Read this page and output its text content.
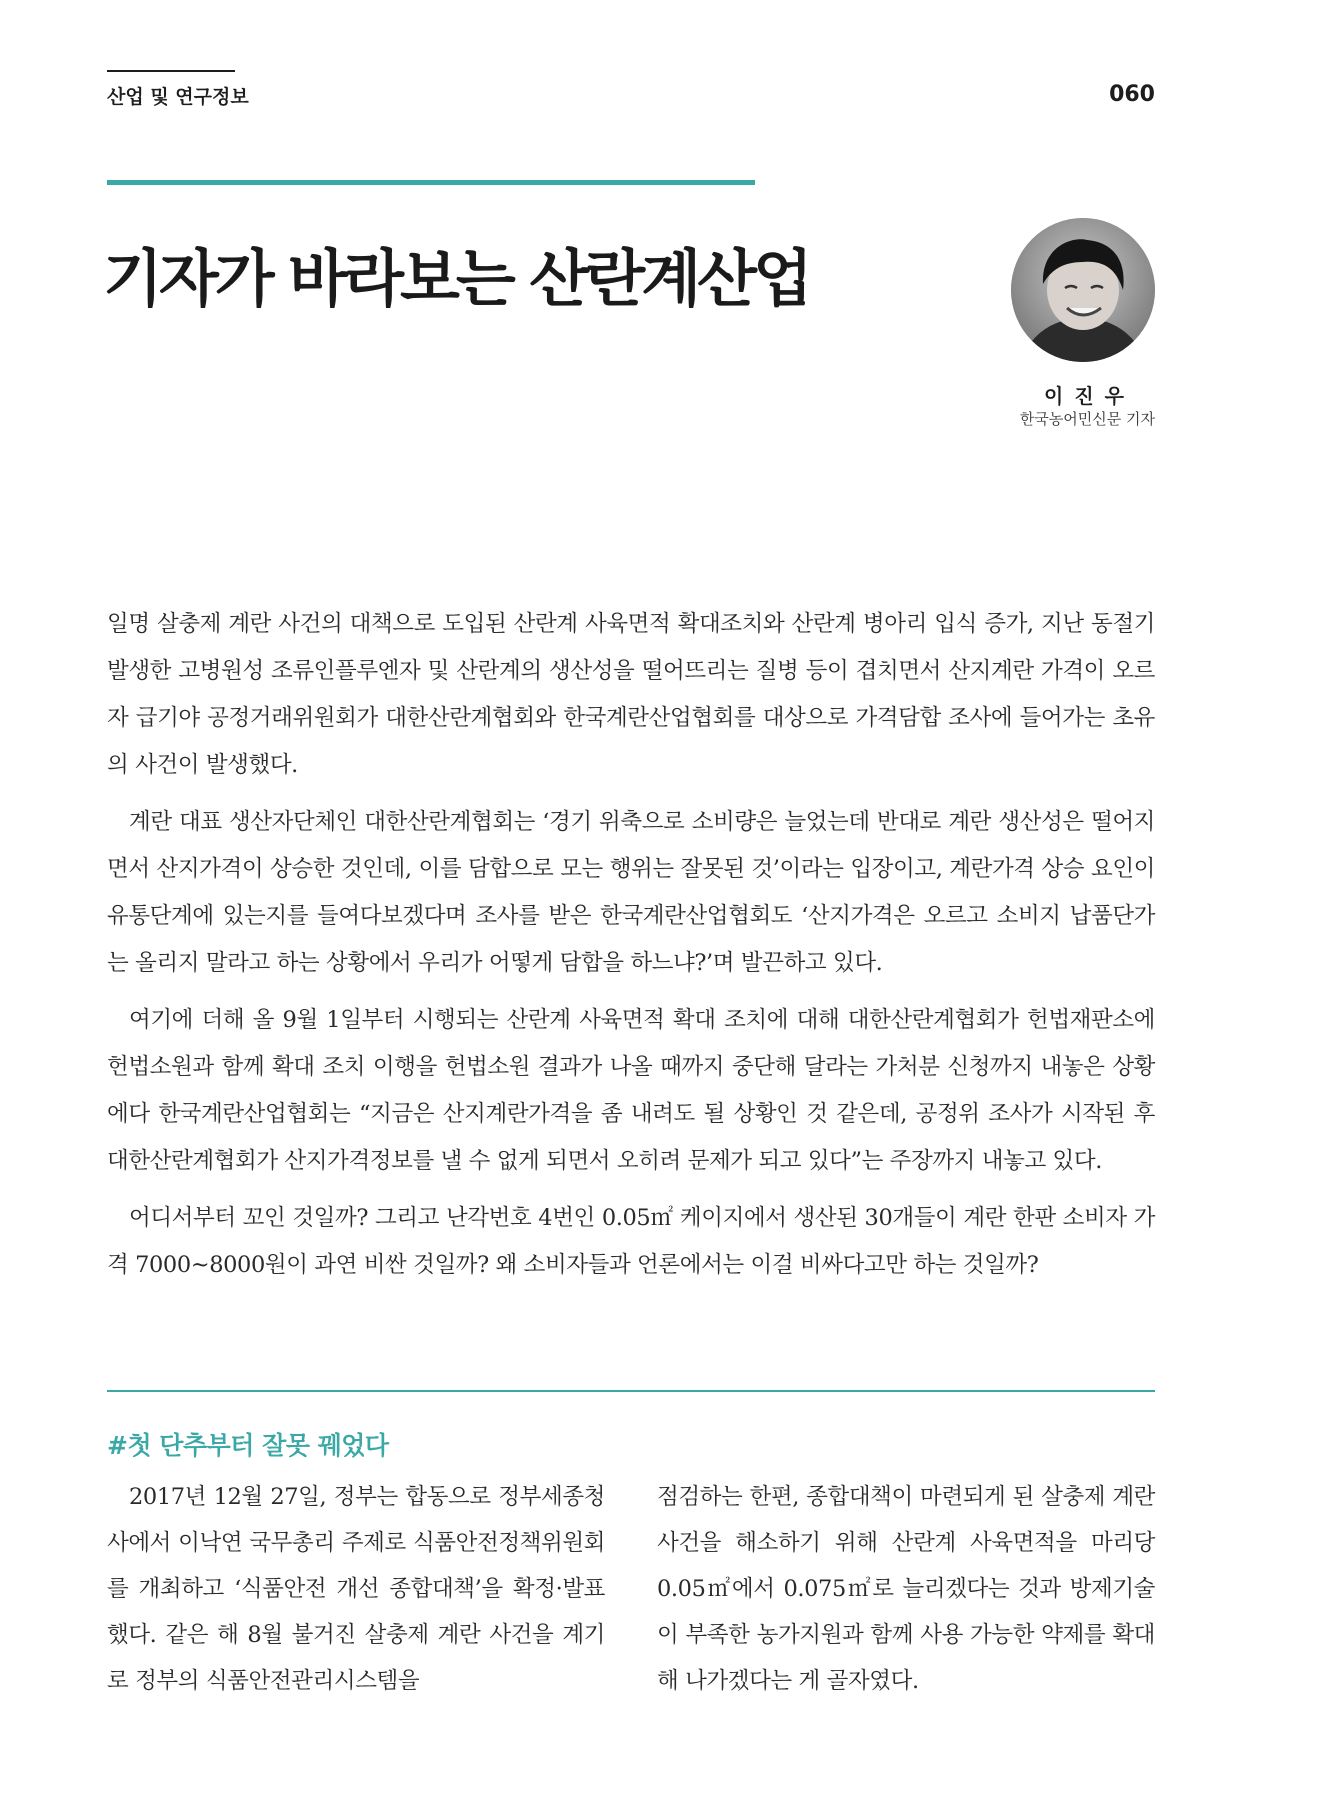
산업 및 연구정보	060
기자가 바라보는 산란계산업
이 진 우
한국농어민신문 기자

일명 살충제 계란 사건의 대책으로 도입된 산란계 사육면적 확대조치와 산란계 병아리 입식 증가, 지난 동절기 발생한 고병원성 조류인플루엔자 및 산란계의 생산성을 떨어뜨리는 질병 등이 겹치면서 산지계란 가격이 오르자 급기야 공정거래위원회가 대한산란계협회와 한국계란산업협회를 대상으로 가격담합 조사에 들어가는 초유의 사건이 발생했다.

계란 대표 생산자단체인 대한산란계협회는 ‘경기 위축으로 소비량은 늘었는데 반대로 계란 생산성은 떨어지면서 산지가격이 상승한 것인데, 이를 담합으로 모는 행위는 잘못된 것’이라는 입장이고, 계란가격 상승 요인이 유통단계에 있는지를 들여다보겠다며 조사를 받은 한국계란산업협회도 ‘산지가격은 오르고 소비지 납품단가는 올리지 말라고 하는 상황에서 우리가 어떻게 담합을 하느냐?’며 발끈하고 있다.

여기에 더해 올 9월 1일부터 시행되는 산란계 사육면적 확대 조치에 대해 대한산란계협회가 헌법재판소에 헌법소원과 함께 확대 조치 이행을 헌법소원 결과가 나올 때까지 중단해 달라는 가처분 신청까지 내놓은 상황에다 한국계란산업협회는 “지금은 산지계란가격을 좀 내려도 될 상황인 것 같은데, 공정위 조사가 시작된 후 대한산란계협회가 산지가격정보를 낼 수 없게 되면서 오히려 문제가 되고 있다”는 주장까지 내놓고 있다.

어디서부터 꼬인 것일까? 그리고 난각번호 4번인 0.05㎡ 케이지에서 생산된 30개들이 계란 한판 소비자 가격 7000~8000원이 과연 비싼 것일까? 왜 소비자들과 언론에서는 이걸 비싸다고만 하는 것일까?

#첫 단추부터 잘못 꿰었다

2017년 12월 27일, 정부는 합동으로 정부세종청사에서 이낙연 국무총리 주제로 식품안전정책위원회를 개최하고 ‘식품안전 개선 종합대책’을 확정·발표했다. 같은 해 8월 불거진 살충제 계란 사건을 계기로 정부의 식품안전관리시스템을

점검하는 한편, 종합대책이 마련되게 된 살충제 계란 사건을 해소하기 위해 산란계 사육면적을 마리당 0.05㎡에서 0.075㎡로 늘리겠다는 것과 방제기술이 부족한 농가지원과 함께 사용 가능한 약제를 확대해 나가겠다는 게 골자였다.
